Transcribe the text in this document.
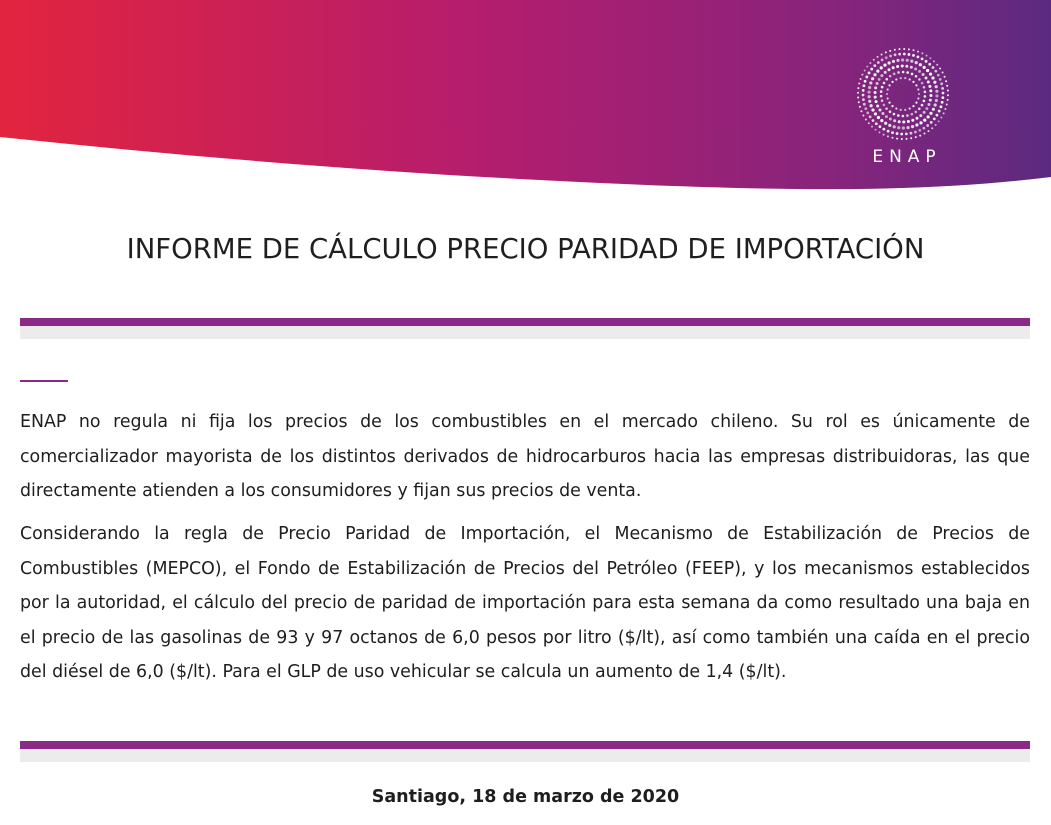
ENAP
INFORME DE CÁLCULO PRECIO PARIDAD DE IMPORTACIÓN

ENAP no regula ni fija los precios de los combustibles en el mercado chileno. Su rol es únicamente de comercializador mayorista de los distintos derivados de hidrocarburos hacia las empresas distribuidoras, las que directamente atienden a los consumidores y fijan sus precios de venta.

Considerando la regla de Precio Paridad de Importación, el Mecanismo de Estabilización de Precios de Combustibles (MEPCO), el Fondo de Estabilización de Precios del Petróleo (FEEP), y los mecanismos establecidos por la autoridad, el cálculo del precio de paridad de importación para esta semana da como resultado una baja en el precio de las gasolinas de 93 y 97 octanos de 6,0 pesos por litro ($/lt), así como también una caída en el precio del diésel de 6,0 ($/lt). Para el GLP de uso vehicular se calcula un aumento de 1,4 ($/lt).

Santiago, 18 de marzo de 2020
